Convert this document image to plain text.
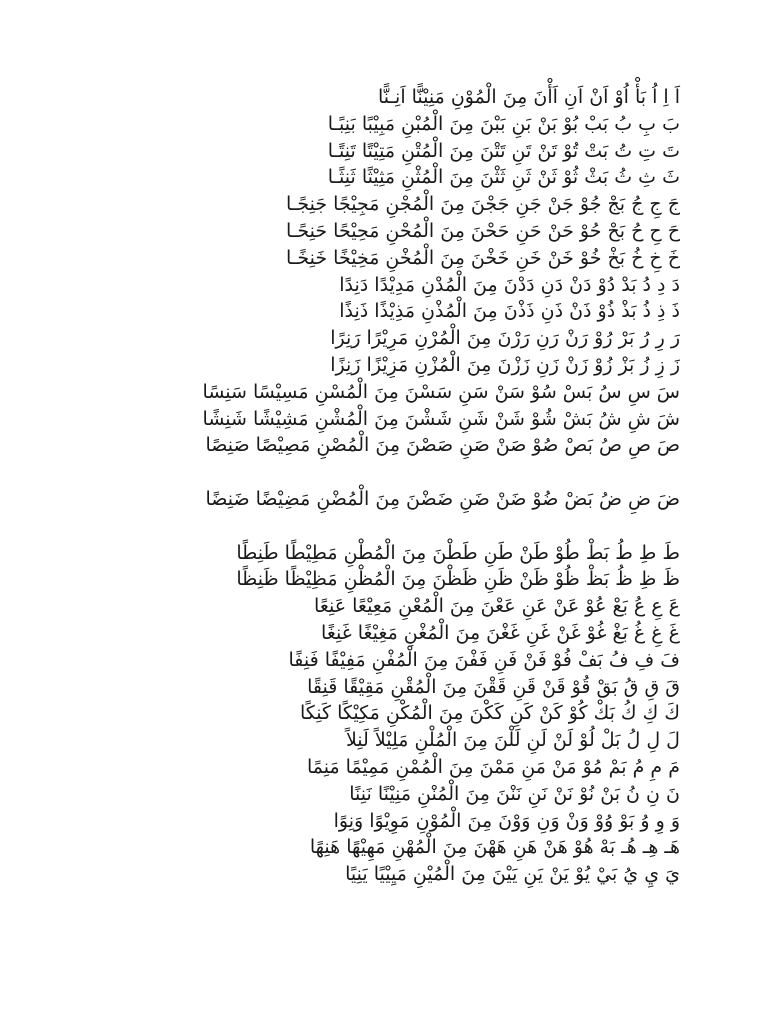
اَ اِ اُ بَأْ اُوْ اَنْ اَنِ اَأْنَ مِنَ الْمُوْنِ مَنِيْنًّا اَنِـنًّا
بَ بِ بُ بَبْ بُوْ بَنْ بَنِ بَبْنَ مِنَ الْمُبْنِ مَبِيْبًا بَنِبًـا
تَ تِ تُ بَتْ تُوْ تَنْ تَنِ تَتْنَ مِنَ الْمُتْنِ مَتِيْتًا تَنِتًـا
ثَ ثِ ثُ بَثْ ثُوْ ثَنْ ثَنِ ثَثْنَ مِنَ الْمُثْنِ مَثِيْثًا ثَنِثًـا
جَ جِ جُ بَجْ جُوْ جَنْ جَنِ جَجْنَ مِنَ الْمُجْنِ مَجِيْجًا جَنِجًـا
حَ حِ حُ بَحْ حُوْ حَنْ حَنِ حَحْنَ مِنَ الْمُحْنِ مَحِيْحًا حَنِحًـا
خَ خِ خُ بَخْ خُوْ خَنْ خَنِ خَخْنَ مِنَ الْمُخْنِ مَخِيْخًا خَنِخًـا
دَ دِ دُ بَدْ دُوْ دَنْ دَنِ دَدْنَ مِنَ الْمُدْنِ مَدِيْدًا دَنِدًا
ذَ ذِ ذُ بَذْ ذُوْ ذَنْ ذَنِ ذَذْنَ مِنَ الْمُذْنِ مَذِيْذًا ذَنِذًا
رَ رِ رُ بَرْ رُوْ رَنْ رَنِ رَرْنَ مِنَ الْمُرْنِ مَرِيْرًا رَنِرًا
زَ زِ زُ بَزْ زُوْ زَنْ زَنِ زَزْنَ مِنَ الْمُزْنِ مَزِيْزًا زَنِزًا
سَ سِ سُ بَسْ سُوْ سَنْ سَنِ سَسْنَ مِنَ الْمُسْنِ مَسِيْسًا سَنِسًا
شَ شِ شُ بَشْ شُوْ شَنْ شَنِ شَشْنَ مِنَ الْمُشْنِ مَشِيْشًا شَنِشًا
صَ صِ صُ بَصْ صُوْ صَنْ صَنِ صَصْنَ مِنَ الْمُصْنِ مَصِيْصًا صَنِصًا
ضَ ضِ ضُ بَضْ ضُوْ ضَنْ ضَنِ ضَضْنَ مِنَ الْمُضْنِ مَضِيْضًا ضَنِضًا
طَ طِ طُ بَطْ طُوْ طَنْ طَنِ طَطْنَ مِنَ الْمُطْنِ مَطِيْطًا طَنِطًا
ظَ ظِ ظُ بَظْ ظُوْ ظَنْ ظَنِ ظَظْنَ مِنَ الْمُظْنِ مَظِيْظًا ظَنِظًا
عَ عِ عُ بَعْ عُوْ عَنْ عَنِ عَعْنَ مِنَ الْمُعْنِ مَعِيْعًا عَنِعًا
غَ غِ غُ بَغْ غُوْ غَنْ غَنِ غَغْنَ مِنَ الْمُغْنِ مَغِيْغًا غَنِغًا
فَ فِ فُ بَفْ فُوْ فَنْ فَنِ فَفْنَ مِنَ الْمُفْنِ مَفِيْفًا فَنِفًا
قَ قِ قُ بَقْ قُوْ قَنْ قَنِ قَقْنَ مِنَ الْمُقْنِ مَقِيْقًا قَنِقًا
كَ كِ كُ بَكْ كُوْ كَنْ كَنِ كَكْنَ مِنَ الْمُكْنِ مَكِيْكًا كَنِكًا
لَ لِ لُ بَلْ لُوْ لَنْ لَنِ لَلْنَ مِنَ الْمُلْنِ مَلِيْلاً لَنِلاً
مَ مِ مُ بَمْ مُوْ مَنْ مَنِ مَمْنَ مِنَ الْمُمْنِ مَمِيْمًا مَنِمًا
نَ نِ نُ بَنْ نُوْ نَنْ نَنِ نَنْنَ مِنَ الْمُنْنِ مَنِيْنًا نَنِنًا
وَ وِ وُ بَوْ وُوْ وَنْ وَنِ وَوْنَ مِنَ الْمُوْنِ مَوِيْوًا وَنِوًا
هَـ هِـ هُـ بَهْ هُوْ هَنْ هَنِ هَهْنَ مِنَ الْمُهْنِ مَهِيْهًا هَنِهًا
يَ يِ يُ بَيْ يُوْ يَنْ يَنِ يَيْنَ مِنَ الْمُيْنِ مَيِيْيًا يَنِيًا
